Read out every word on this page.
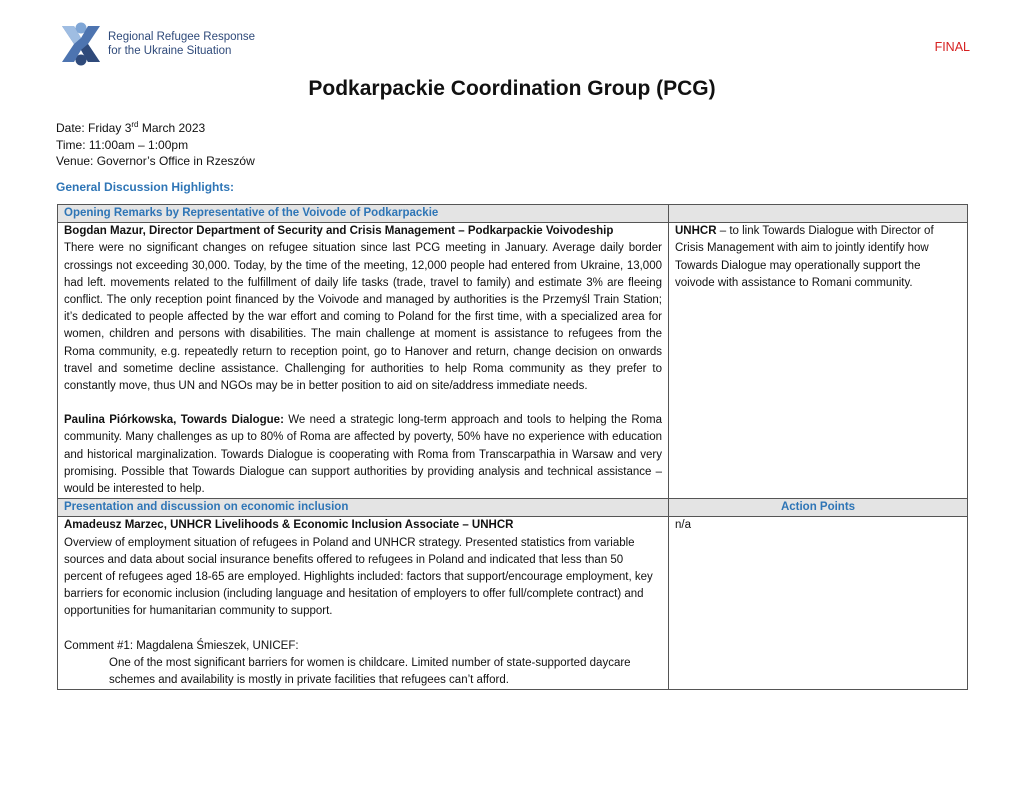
Regional Refugee Response
for the Ukraine Situation	FINAL
Podkarpackie Coordination Group (PCG)
Date: Friday 3rd March 2023
Time: 11:00am – 1:00pm
Venue: Governor’s Office in Rzeszów
General Discussion Highlights:
Opening Remarks by Representative of the Voivode of Podkarpackie	

Bogdan Mazur, Director Department of Security and Crisis Management – Podkarpackie Voivodeship

There were no significant changes on refugee situation since last PCG meeting in January. Average daily border crossings not exceeding 30,000. Today, by the time of the meeting, 12,000 people had entered from Ukraine, 13,000 had left. movements related to the fulfillment of daily life tasks (trade, travel to family) and estimate 3% are fleeing conflict. The only reception point financed by the Voivode and managed by authorities is the Przemyśl Train Station; it’s dedicated to people affected by the war effort and coming to Poland for the first time, with a specialized area for women, children and persons with disabilities. The main challenge at moment is assistance to refugees from the Roma community, e.g. repeatedly return to reception point, go to Hanover and return, change decision on onwards travel and sometime decline assistance. Challenging for authorities to help Roma community as they prefer to constantly move, thus UN and NGOs may be in better position to aid on site/address immediate needs.

Paulina Piórkowska, Towards Dialogue: We need a strategic long-term approach and tools to helping the Roma community. Many challenges as up to 80% of Roma are affected by poverty, 50% have no experience with education and historical marginalization. Towards Dialogue is cooperating with Roma from Transcarpathia in Warsaw and very promising. Possible that Towards Dialogue can support authorities by providing analysis and technical assistance – would be interested to help.	UNHCR – to link Towards Dialogue with Director of Crisis Management with aim to jointly identify how Towards Dialogue may operationally support the voivode with assistance to Romani community.
Presentation and discussion on economic inclusion	Action Points

Amadeusz Marzec, UNHCR Livelihoods & Economic Inclusion Associate – UNHCR

Overview of employment situation of refugees in Poland and UNHCR strategy. Presented statistics from variable sources and data about social insurance benefits offered to refugees in Poland and indicated that less than 50 percent of refugees aged 18-65 are employed. Highlights included: factors that support/encourage employment, key barriers for economic inclusion (including language and hesitation of employers to offer full/complete contract) and opportunities for humanitarian community to support.

Comment #1: Magdalena Śmieszek, UNICEF:

One of the most significant barriers for women is childcare. Limited number of state-supported daycare schemes and availability is mostly in private facilities that refugees can’t afford.	n/a
